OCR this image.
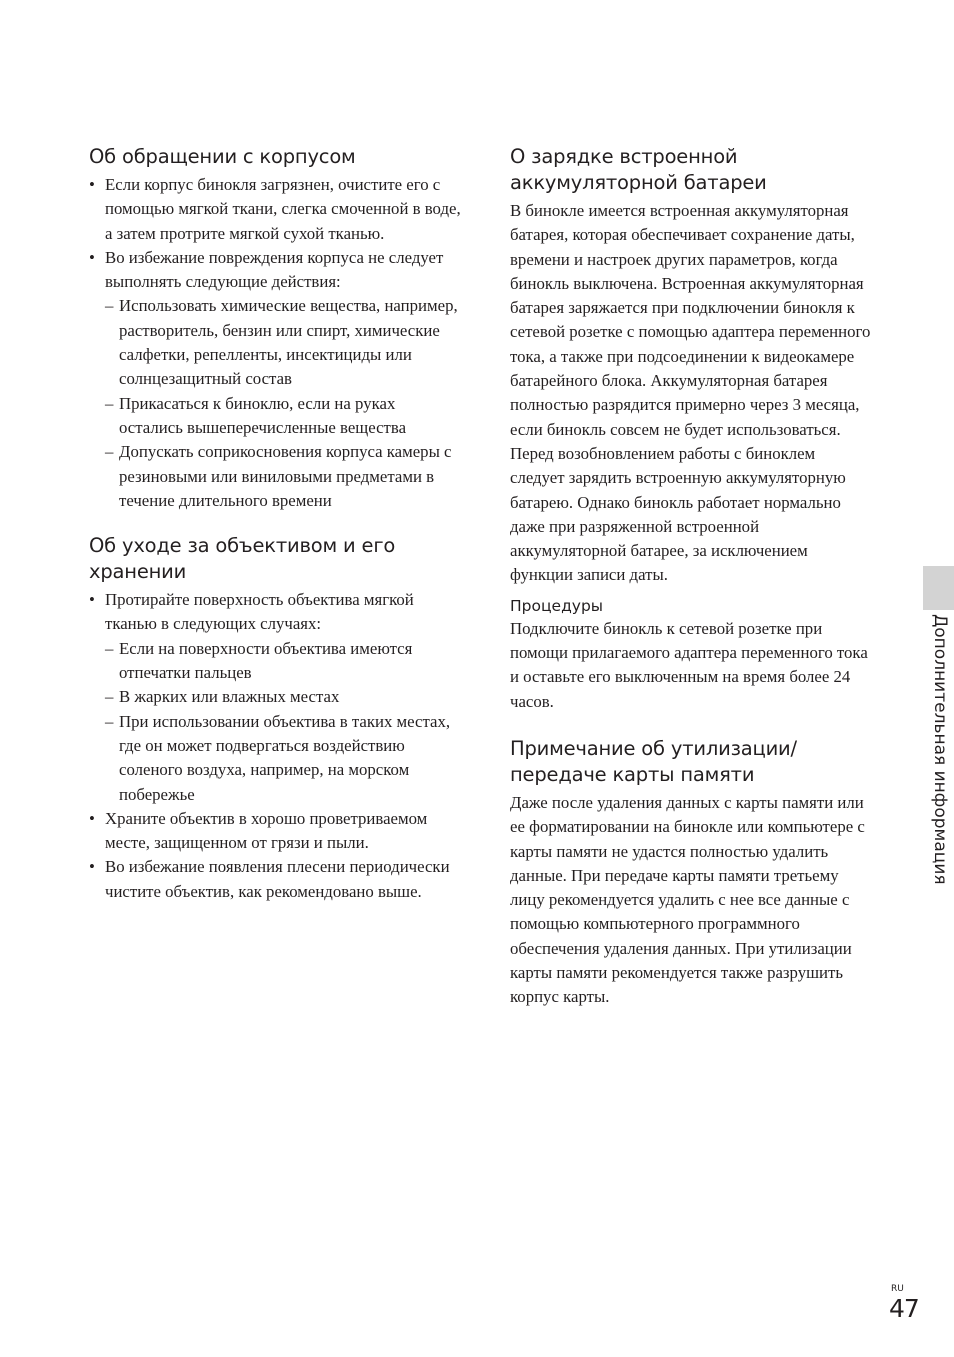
Об обращении с корпусом
• Если корпус бинокля загрязнен, очистите его с помощью мягкой ткани, слегка смоченной в воде, а затем протрите мягкой сухой тканью.
• Во избежание повреждения корпуса не следует выполнять следующие действия:
– Использовать химические вещества, например, растворитель, бензин или спирт, химические салфетки, репелленты, инсектициды или солнцезащитный состав
– Прикасаться к биноклю, если на руках остались вышеперечисленные вещества
– Допускать соприкосновения корпуса камеры с резиновыми или виниловыми предметами в течение длительного времени
Об уходе за объективом и его хранении
• Протирайте поверхность объектива мягкой тканью в следующих случаях:
– Если на поверхности объектива имеются отпечатки пальцев
– В жарких или влажных местах
– При использовании объектива в таких местах, где он может подвергаться воздействию соленого воздуха, например, на морском побережье
• Храните объектив в хорошо проветриваемом месте, защищенном от грязи и пыли.
• Во избежание появления плесени периодически чистите объектив, как рекомендовано выше.
О зарядке встроенной аккумуляторной батареи

В бинокле имеется встроенная аккумуляторная батарея, которая обеспечивает сохранение даты, времени и настроек других параметров, когда бинокль выключена. Встроенная аккумуляторная батарея заряжается при подключении бинокля к сетевой розетке с помощью адаптера переменного тока, а также при подсоединении к видеокамере батарейного блока. Аккумуляторная батарея полностью разрядится примерно через 3 месяца, если бинокль совсем не будет использоваться. Перед возобновлением работы с биноклем следует зарядить встроенную аккумуляторную батарею. Однако бинокль работает нормально даже при разряженной встроенной аккумуляторной батарее, за исключением функции записи даты.

Процедуры

Подключите бинокль к сетевой розетке при помощи прилагаемого адаптера переменного тока и оставьте его выключенным на время более 24 часов.

Примечание об утилизации/ передаче карты памяти

Даже после удаления данных с карты памяти или ее форматировании на бинокле или компьютере с карты памяти не удастся полностью удалить данные. При передаче карты памяти третьему лицу рекомендуется удалить с нее все данные с помощью компьютерного программного обеспечения удаления данных. При утилизации карты памяти рекомендуется также разрушить корпус карты.

Дополнительная информация
RU
47
